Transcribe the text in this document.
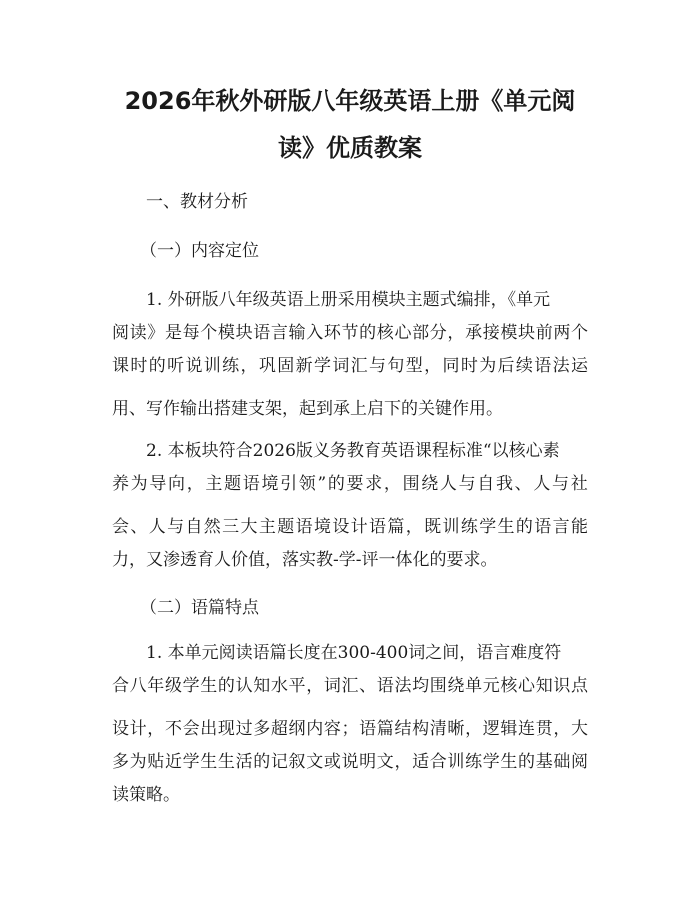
2026年秋外研版八年级英语上册《单元阅
读》优质教案
一、教材分析
（一）内容定位
1. 外研版八年级英语上册采用模块主题式编排，《单元
阅读》是每个模块语言输入环节的核心部分，承接模块前两个
课时的听说训练，巩固新学词汇与句型，同时为后续语法运
用、写作输出搭建支架，起到承上启下的关键作用。
2. 本板块符合2026版义务教育英语课程标准“以核心素
养为导向，主题语境引领”的要求，围绕人与自我、人与社
会、人与自然三大主题语境设计语篇，既训练学生的语言能
力，又渗透育人价值，落实教-学-评一体化的要求。
（二）语篇特点
1. 本单元阅读语篇长度在300-400词之间，语言难度符
合八年级学生的认知水平，词汇、语法均围绕单元核心知识点
设计，不会出现过多超纲内容；语篇结构清晰，逻辑连贯，大
多为贴近学生生活的记叙文或说明文，适合训练学生的基础阅
读策略。
